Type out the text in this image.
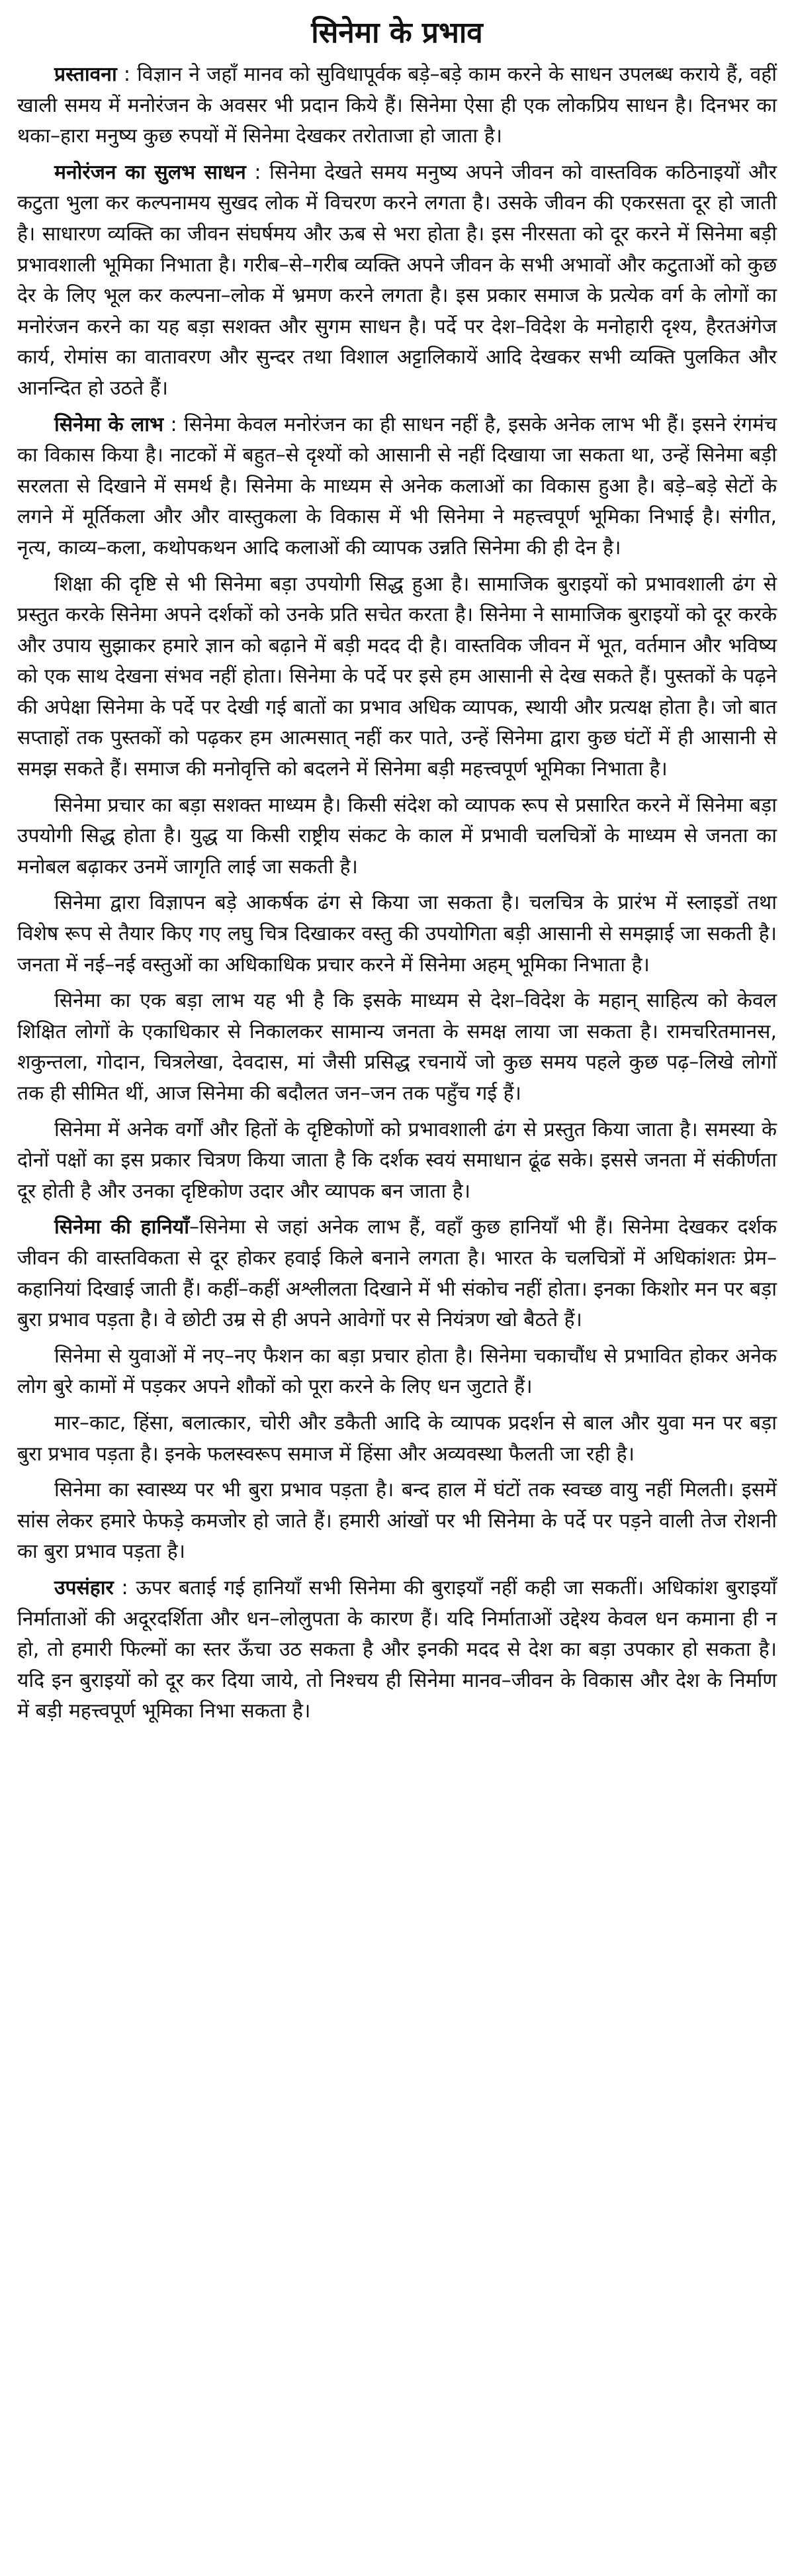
सिनेमा के प्रभाव

प्रस्तावना : विज्ञान ने जहाँ मानव को सुविधापूर्वक बड़े–बड़े काम करने के साधन उपलब्ध कराये हैं, वहीं खाली समय में मनोरंजन के अवसर भी प्रदान किये हैं। सिनेमा ऐसा ही एक लोकप्रिय साधन है। दिनभर का थका–हारा मनुष्य कुछ रुपयों में सिनेमा देखकर तरोताजा हो जाता है।

मनोरंजन का सुलभ साधन : सिनेमा देखते समय मनुष्य अपने जीवन को वास्तविक कठिनाइयों और कटुता भुला कर कल्पनामय सुखद लोक में विचरण करने लगता है। उसके जीवन की एकरसता दूर हो जाती है। साधारण व्यक्ति का जीवन संघर्षमय और ऊब से भरा होता है। इस नीरसता को दूर करने में सिनेमा बड़ी प्रभावशाली भूमिका निभाता है। गरीब–से–गरीब व्यक्ति अपने जीवन के सभी अभावों और कटुताओं को कुछ देर के लिए भूल कर कल्पना–लोक में भ्रमण करने लगता है। इस प्रकार समाज के प्रत्येक वर्ग के लोगों का मनोरंजन करने का यह बड़ा सशक्त और सुगम साधन है। पर्दे पर देश–विदेश के मनोहारी दृश्य, हैरतअंगेज कार्य, रोमांस का वातावरण और सुन्दर तथा विशाल अट्टालिकायें आदि देखकर सभी व्यक्ति पुलकित और आनन्दित हो उठते हैं।

सिनेमा के लाभ : सिनेमा केवल मनोरंजन का ही साधन नहीं है, इसके अनेक लाभ भी हैं। इसने रंगमंच का विकास किया है। नाटकों में बहुत–से दृश्यों को आसानी से नहीं दिखाया जा सकता था, उन्हें सिनेमा बड़ी सरलता से दिखाने में समर्थ है। सिनेमा के माध्यम से अनेक कलाओं का विकास हुआ है। बड़े–बड़े सेटों के लगने में मूर्तिकला और और वास्तुकला के विकास में भी सिनेमा ने महत्त्वपूर्ण भूमिका निभाई है। संगीत, नृत्य, काव्य–कला, कथोपकथन आदि कलाओं की व्यापक उन्नति सिनेमा की ही देन है।

शिक्षा की दृष्टि से भी सिनेमा बड़ा उपयोगी सिद्ध हुआ है। सामाजिक बुराइयों को प्रभावशाली ढंग से प्रस्तुत करके सिनेमा अपने दर्शकों को उनके प्रति सचेत करता है। सिनेमा ने सामाजिक बुराइयों को दूर करके और उपाय सुझाकर हमारे ज्ञान को बढ़ाने में बड़ी मदद दी है। वास्तविक जीवन में भूत, वर्तमान और भविष्य को एक साथ देखना संभव नहीं होता। सिनेमा के पर्दे पर इसे हम आसानी से देख सकते हैं। पुस्तकों के पढ़ने की अपेक्षा सिनेमा के पर्दे पर देखी गई बातों का प्रभाव अधिक व्यापक, स्थायी और प्रत्यक्ष होता है। जो बात सप्ताहों तक पुस्तकों को पढ़कर हम आत्मसात् नहीं कर पाते, उन्हें सिनेमा द्वारा कुछ घंटों में ही आसानी से समझ सकते हैं। समाज की मनोवृत्ति को बदलने में सिनेमा बड़ी महत्त्वपूर्ण भूमिका निभाता है।

सिनेमा प्रचार का बड़ा सशक्त माध्यम है। किसी संदेश को व्यापक रूप से प्रसारित करने में सिनेमा बड़ा उपयोगी सिद्ध होता है। युद्ध या किसी राष्ट्रीय संकट के काल में प्रभावी चलचित्रों के माध्यम से जनता का मनोबल बढ़ाकर उनमें जागृति लाई जा सकती है।

सिनेमा द्वारा विज्ञापन बड़े आकर्षक ढंग से किया जा सकता है। चलचित्र के प्रारंभ में स्लाइडों तथा विशेष रूप से तैयार किए गए लघु चित्र दिखाकर वस्तु की उपयोगिता बड़ी आसानी से समझाई जा सकती है। जनता में नई–नई वस्तुओं का अधिकाधिक प्रचार करने में सिनेमा अहम् भूमिका निभाता है।

सिनेमा का एक बड़ा लाभ यह भी है कि इसके माध्यम से देश–विदेश के महान् साहित्य को केवल शिक्षित लोगों के एकाधिकार से निकालकर सामान्य जनता के समक्ष लाया जा सकता है। रामचरितमानस, शकुन्तला, गोदान, चित्रलेखा, देवदास, मां जैसी प्रसिद्ध रचनायें जो कुछ समय पहले कुछ पढ़–लिखे लोगों तक ही सीमित थीं, आज सिनेमा की बदौलत जन–जन तक पहुँच गई हैं।

सिनेमा में अनेक वर्गों और हितों के दृष्टिकोणों को प्रभावशाली ढंग से प्रस्तुत किया जाता है। समस्या के दोनों पक्षों का इस प्रकार चित्रण किया जाता है कि दर्शक स्वयं समाधान ढूंढ सके। इससे जनता में संकीर्णता दूर होती है और उनका दृष्टिकोण उदार और व्यापक बन जाता है।

सिनेमा की हानियाँ–सिनेमा से जहां अनेक लाभ हैं, वहाँ कुछ हानियाँ भी हैं। सिनेमा देखकर दर्शक जीवन की वास्तविकता से दूर होकर हवाई किले बनाने लगता है। भारत के चलचित्रों में अधिकांशतः प्रेम–कहानियां दिखाई जाती हैं। कहीं–कहीं अश्लीलता दिखाने में भी संकोच नहीं होता। इनका किशोर मन पर बड़ा बुरा प्रभाव पड़ता है। वे छोटी उम्र से ही अपने आवेगों पर से नियंत्रण खो बैठते हैं।

सिनेमा से युवाओं में नए–नए फैशन का बड़ा प्रचार होता है। सिनेमा चकाचौंध से प्रभावित होकर अनेक लोग बुरे कामों में पड़कर अपने शौकों को पूरा करने के लिए धन जुटाते हैं।

मार–काट, हिंसा, बलात्कार, चोरी और डकैती आदि के व्यापक प्रदर्शन से बाल और युवा मन पर बड़ा बुरा प्रभाव पड़ता है। इनके फलस्वरूप समाज में हिंसा और अव्यवस्था फैलती जा रही है।

सिनेमा का स्वास्थ्य पर भी बुरा प्रभाव पड़ता है। बन्द हाल में घंटों तक स्वच्छ वायु नहीं मिलती। इसमें सांस लेकर हमारे फेफड़े कमजोर हो जाते हैं। हमारी आंखों पर भी सिनेमा के पर्दे पर पड़ने वाली तेज रोशनी का बुरा प्रभाव पड़ता है।

उपसंहार : ऊपर बताई गई हानियाँ सभी सिनेमा की बुराइयाँ नहीं कही जा सकतीं। अधिकांश बुराइयाँ निर्माताओं की अदूरदर्शिता और धन–लोलुपता के कारण हैं। यदि निर्माताओं उद्देश्य केवल धन कमाना ही न हो, तो हमारी फिल्मों का स्तर ऊँचा उठ सकता है और इनकी मदद से देश का बड़ा उपकार हो सकता है। यदि इन बुराइयों को दूर कर दिया जाये, तो निश्चय ही सिनेमा मानव–जीवन के विकास और देश के निर्माण में बड़ी महत्त्वपूर्ण भूमिका निभा सकता है।
